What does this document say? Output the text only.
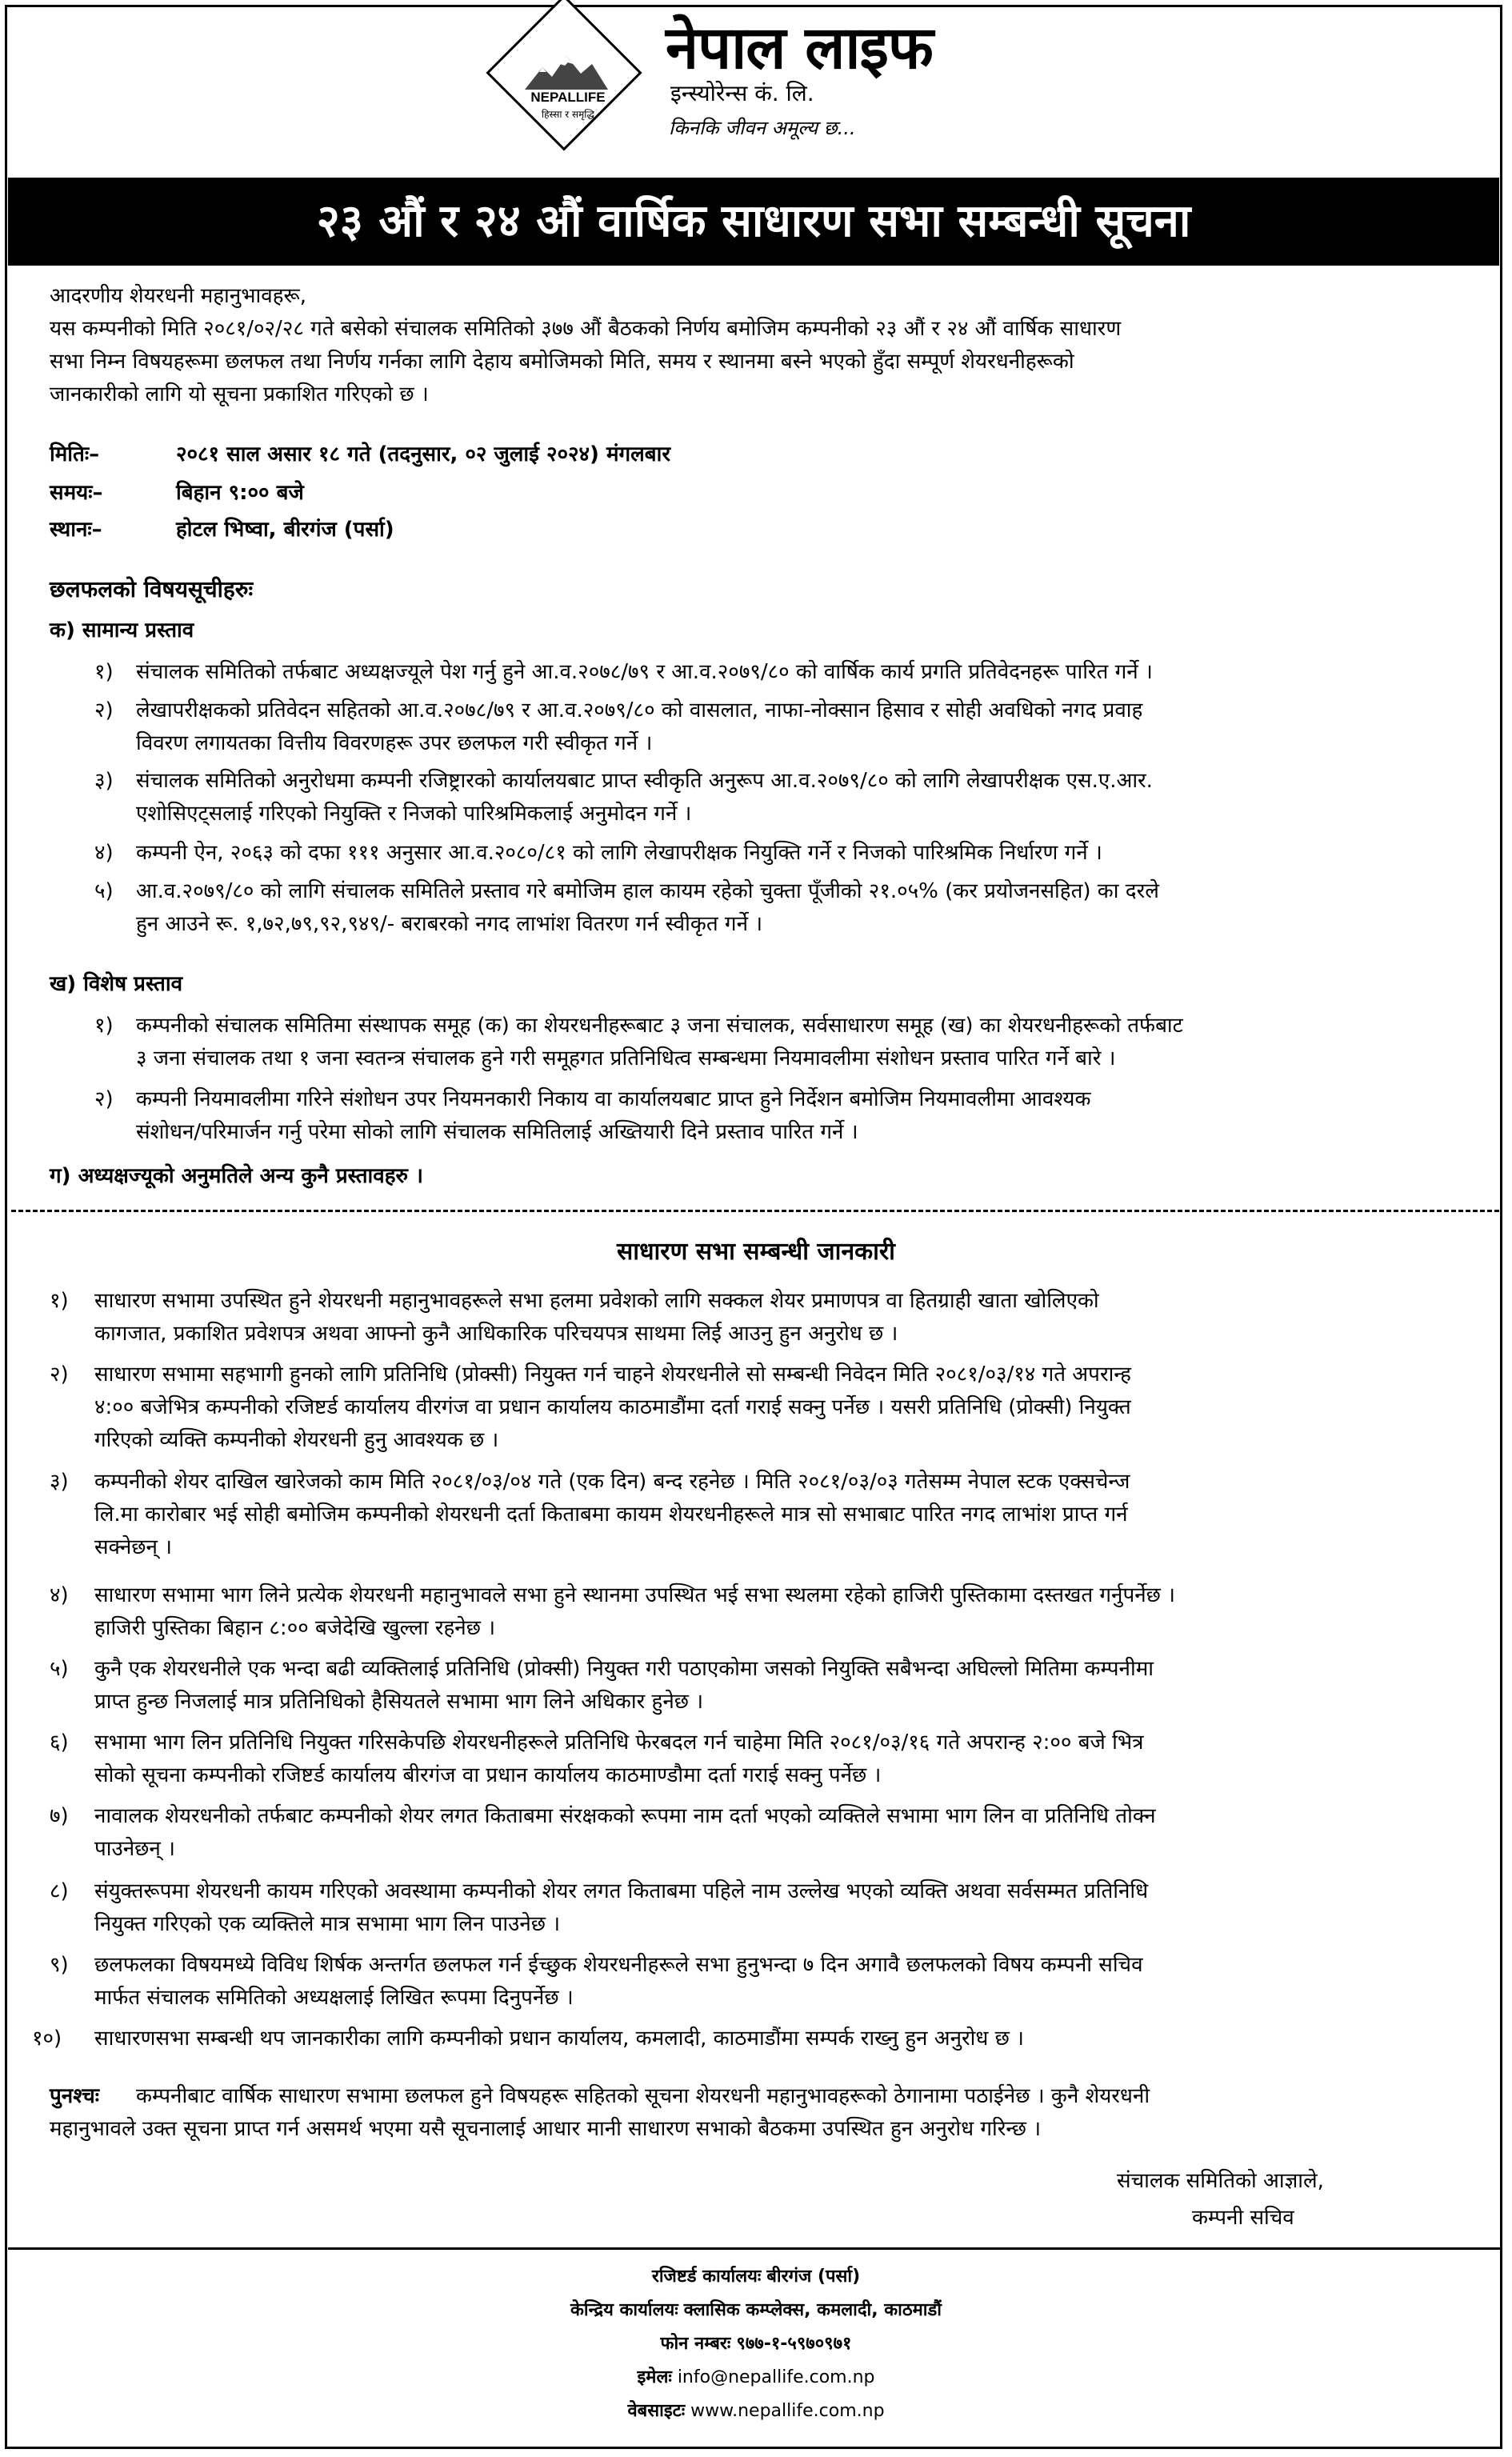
NEPALLIFE
हिस्सा र समृद्धि
नेपाल लाइफ
इन्स्योरेन्स कं. लि.
किनकि जीवन अमूल्य छ...
२३ औं र २४ औं वार्षिक साधारण सभा सम्बन्धी सूचना
आदरणीय शेयरधनी महानुभावहरू,
यस कम्पनीको मिति २०८१/०२/२८ गते बसेको संचालक समितिको ३७७ औं बैठकको निर्णय बमोजिम कम्पनीको २३ औं र २४ औं वार्षिक साधारण
सभा निम्न विषयहरूमा छलफल तथा निर्णय गर्नका लागि देहाय बमोजिमको मिति, समय र स्थानमा बस्ने भएको हुँदा सम्पूर्ण शेयरधनीहरूको
जानकारीको लागि यो सूचना प्रकाशित गरिएको छ ।
मितिः–	२०८१ साल असार १८ गते (तदनुसार, ०२ जुलाई २०२४) मंगलबार
समयः–	बिहान ९:०० बजे
स्थानः–	होटल भिष्वा, बीरगंज (पर्सा)
छलफलको विषयसूचीहरुः
क) सामान्य प्रस्ताव
१) संचालक समितिको तर्फबाट अध्यक्षज्यूले पेश गर्नु हुने आ.व.२०७८/७९ र आ.व.२०७९/८० को वार्षिक कार्य प्रगति प्रतिवेदनहरू पारित गर्ने ।
२) लेखापरीक्षकको प्रतिवेदन सहितको आ.व.२०७८/७९ र आ.व.२०७९/८० को वासलात, नाफा-नोक्सान हिसाव र सोही अवधिको नगद प्रवाह
विवरण लगायतका वित्तीय विवरणहरू उपर छलफल गरी स्वीकृत गर्ने ।
३) संचालक समितिको अनुरोधमा कम्पनी रजिष्ट्रारको कार्यालयबाट प्राप्त स्वीकृति अनुरूप आ.व.२०७९/८० को लागि लेखापरीक्षक एस.ए.आर.
एशोसिएट्सलाई गरिएको नियुक्ति र निजको पारिश्रमिकलाई अनुमोदन गर्ने ।
४) कम्पनी ऐन, २०६३ को दफा १११ अनुसार आ.व.२०८०/८१ को लागि लेखापरीक्षक नियुक्ति गर्ने र निजको पारिश्रमिक निर्धारण गर्ने ।
५) आ.व.२०७९/८० को लागि संचालक समितिले प्रस्ताव गरे बमोजिम हाल कायम रहेको चुक्ता पूँजीको २१.०५% (कर प्रयोजनसहित) का दरले
हुन आउने रू. १,७२,७९,९२,९४९/- बराबरको नगद लाभांश वितरण गर्न स्वीकृत गर्ने ।
ख) विशेष प्रस्ताव
१) कम्पनीको संचालक समितिमा संस्थापक समूह (क) का शेयरधनीहरूबाट ३ जना संचालक, सर्वसाधारण समूह (ख) का शेयरधनीहरूको तर्फबाट
३ जना संचालक तथा १ जना स्वतन्त्र संचालक हुने गरी समूहगत प्रतिनिधित्व सम्बन्धमा नियमावलीमा संशोधन प्रस्ताव पारित गर्ने बारे ।
२) कम्पनी नियमावलीमा गरिने संशोधन उपर नियमनकारी निकाय वा कार्यालयबाट प्राप्त हुने निर्देशन बमोजिम नियमावलीमा आवश्यक
संशोधन/परिमार्जन गर्नु परेमा सोको लागि संचालक समितिलाई अख्तियारी दिने प्रस्ताव पारित गर्ने ।
ग) अध्यक्षज्यूको अनुमतिले अन्य कुनै प्रस्तावहरु ।
साधारण सभा सम्बन्धी जानकारी
१) साधारण सभामा उपस्थित हुने शेयरधनी महानुभावहरूले सभा हलमा प्रवेशको लागि सक्कल शेयर प्रमाणपत्र वा हितग्राही खाता खोलिएको
कागजात, प्रकाशित प्रवेशपत्र अथवा आफ्नो कुनै आधिकारिक परिचयपत्र साथमा लिई आउनु हुन अनुरोध छ ।
२) साधारण सभामा सहभागी हुनको लागि प्रतिनिधि (प्रोक्सी) नियुक्त गर्न चाहने शेयरधनीले सो सम्बन्धी निवेदन मिति २०८१/०३/१४ गते अपरान्ह
४:०० बजेभित्र कम्पनीको रजिष्टर्ड कार्यालय वीरगंज वा प्रधान कार्यालय काठमाडौंमा दर्ता गराई सक्नु पर्नेछ । यसरी प्रतिनिधि (प्रोक्सी) नियुक्त
गरिएको व्यक्ति कम्पनीको शेयरधनी हुनु आवश्यक छ ।
३) कम्पनीको शेयर दाखिल खारेजको काम मिति २०८१/०३/०४ गते (एक दिन) बन्द रहनेछ । मिति २०८१/०३/०३ गतेसम्म नेपाल स्टक एक्सचेन्ज
लि.मा कारोबार भई सोही बमोजिम कम्पनीको शेयरधनी दर्ता किताबमा कायम शेयरधनीहरूले मात्र सो सभाबाट पारित नगद लाभांश प्राप्त गर्न
सक्नेछन् ।
४) साधारण सभामा भाग लिने प्रत्येक शेयरधनी महानुभावले सभा हुने स्थानमा उपस्थित भई सभा स्थलमा रहेको हाजिरी पुस्तिकामा दस्तखत गर्नुपर्नेछ ।
हाजिरी पुस्तिका बिहान ८:०० बजेदेखि खुल्ला रहनेछ ।
५) कुनै एक शेयरधनीले एक भन्दा बढी व्यक्तिलाई प्रतिनिधि (प्रोक्सी) नियुक्त गरी पठाएकोमा जसको नियुक्ति सबैभन्दा अघिल्लो मितिमा कम्पनीमा
प्राप्त हुन्छ निजलाई मात्र प्रतिनिधिको हैसियतले सभामा भाग लिने अधिकार हुनेछ ।
६) सभामा भाग लिन प्रतिनिधि नियुक्त गरिसकेपछि शेयरधनीहरूले प्रतिनिधि फेरबदल गर्न चाहेमा मिति २०८१/०३/१६ गते अपरान्ह २:०० बजे भित्र
सोको सूचना कम्पनीको रजिष्टर्ड कार्यालय बीरगंज वा प्रधान कार्यालय काठमाण्डौमा दर्ता गराई सक्नु पर्नेछ ।
७) नावालक शेयरधनीको तर्फबाट कम्पनीको शेयर लगत किताबमा संरक्षकको रूपमा नाम दर्ता भएको व्यक्तिले सभामा भाग लिन वा प्रतिनिधि तोक्न
पाउनेछन् ।
८) संयुक्तरूपमा शेयरधनी कायम गरिएको अवस्थामा कम्पनीको शेयर लगत किताबमा पहिले नाम उल्लेख भएको व्यक्ति अथवा सर्वसम्मत प्रतिनिधि
नियुक्त गरिएको एक व्यक्तिले मात्र सभामा भाग लिन पाउनेछ ।
९) छलफलका विषयमध्ये विविध शिर्षक अन्तर्गत छलफल गर्न ईच्छुक शेयरधनीहरूले सभा हुनुभन्दा ७ दिन अगावै छलफलको विषय कम्पनी सचिव
मार्फत संचालक समितिको अध्यक्षलाई लिखित रूपमा दिनुपर्नेछ ।
१०) साधारणसभा सम्बन्धी थप जानकारीका लागि कम्पनीको प्रधान कार्यालय, कमलादी, काठमाडौंमा सम्पर्क राख्नु हुन अनुरोध छ ।
पुनश्चः कम्पनीबाट वार्षिक साधारण सभामा छलफल हुने विषयहरू सहितको सूचना शेयरधनी महानुभावहरूको ठेगानामा पठाईनेछ । कुनै शेयरधनी
महानुभावले उक्त सूचना प्राप्त गर्न असमर्थ भएमा यसै सूचनालाई आधार मानी साधारण सभाको बैठकमा उपस्थित हुन अनुरोध गरिन्छ ।
संचालक समितिको आज्ञाले,
कम्पनी सचिव
रजिष्टर्ड कार्यालयः बीरगंज (पर्सा)
केन्द्रिय कार्यालयः क्लासिक कम्प्लेक्स, कमलादी, काठमाडौं
फोन नम्बरः ९७७-१-५९७०९७१
इमेलः info@nepallife.com.np
वेबसाइटः www.nepallife.com.np
